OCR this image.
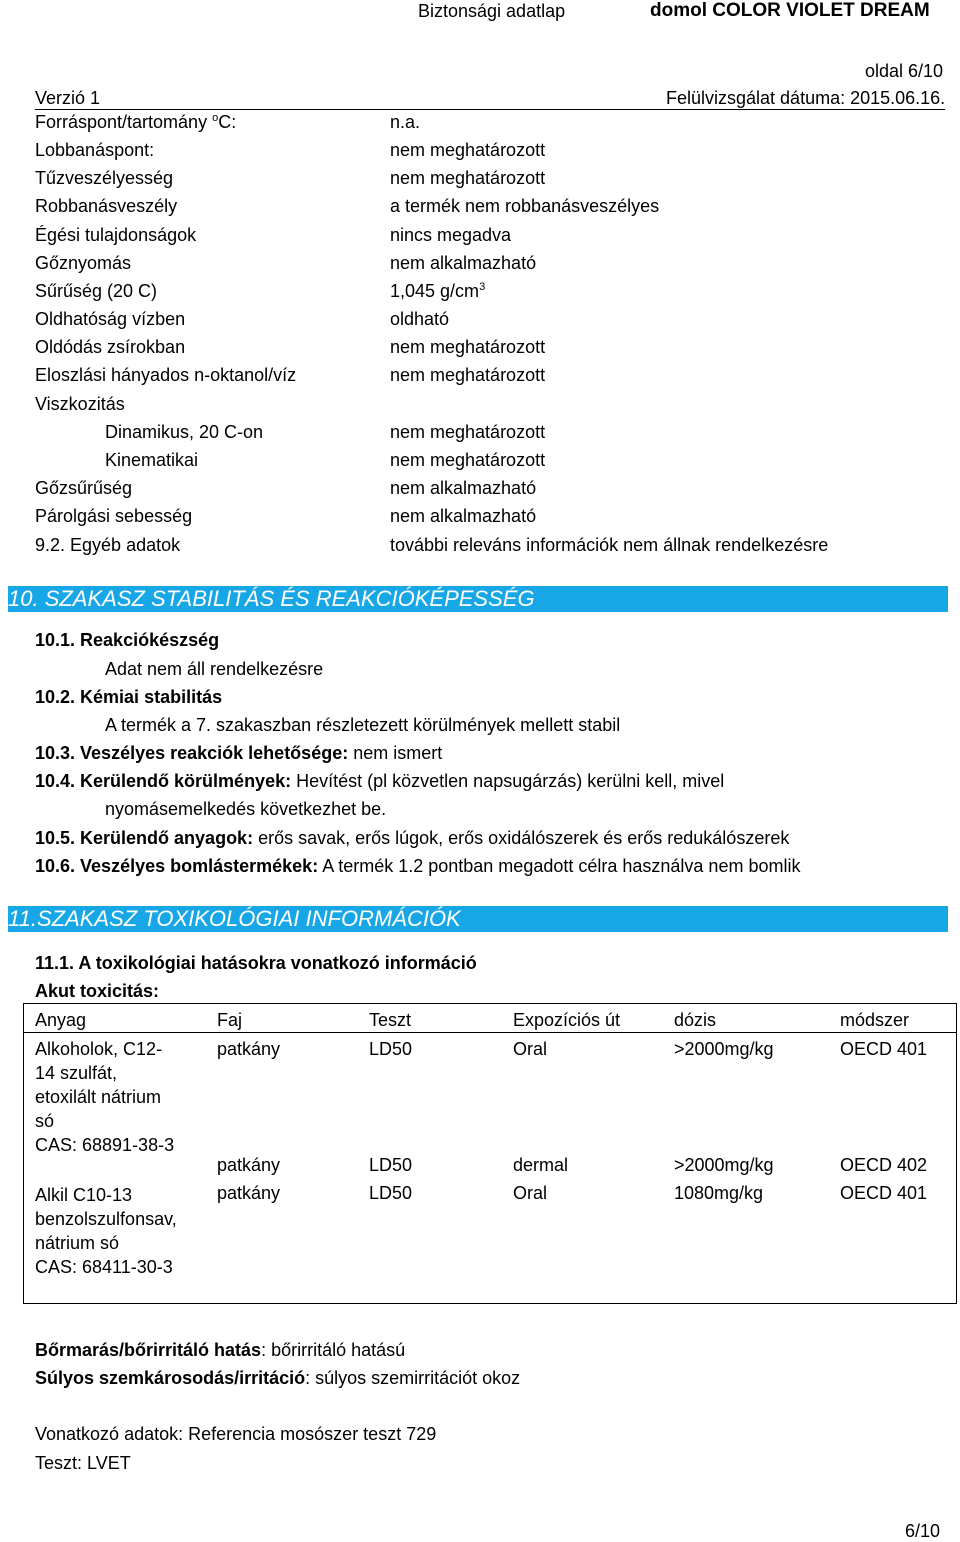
Biztonsági adatlap	domol COLOR VIOLET DREAM
oldal 6/10
Verzió 1	Felülvizsgálat dátuma: 2015.06.16.
Forráspont/tartomány $^o$C:	n.a.
Lobbanáspont:	nem meghatározott
Tűzveszélyesség	nem meghatározott
Robbanásveszély	a termék nem robbanásveszélyes
Égési tulajdonságok	nincs megadva
Gőznyomás	nem alkalmazható
Sűrűség (20 C)	1,045 $g/cm^3$
Oldhatóság vízben	oldható
Oldódás zsírokban	nem meghatározott
Eloszlási hányados n-oktanol/víz	nem meghatározott
Viszkozitás
Dinamikus, 20 C-on	nem meghatározott
Kinematikai	nem meghatározott
Gőzsűrűség	nem alkalmazható
Párolgási sebesség	nem alkalmazható
9.2. Egyéb adatok	további releváns információk nem állnak rendelkezésre
10. SZAKASZ STABILITÁS ÉS REAKCIÓKÉPESSÉG
10.1. Reakciókészség
Adat nem áll rendelkezésre
10.2. Kémiai stabilitás
A termék a 7. szakaszban részletezett körülmények mellett stabil
10.3. Veszélyes reakciók lehetősége: nem ismert
10.4. Kerülendő körülmények: Hevítést (pl közvetlen napsugárzás) kerülni kell, mivel
nyomásemelkedés következhet be.
10.5. Kerülendő anyagok: erős savak, erős lúgok, erős oxidálószerek és erős redukálószerek
10.6. Veszélyes bomlástermékek: A termék 1.2 pontban megadott célra használva nem bomlik
11.SZAKASZ TOXIKOLÓGIAI INFORMÁCIÓK
11.1. A toxikológiai hatásokra vonatkozó információ
Akut toxicitás:
Anyag	Faj	Teszt	Expozíciós út	dózis	módszer

Alkoholok, C12-
14 szulfát,
etoxilált nátrium
só
CAS: 68891-38-3	patkány	LD50	Oral	>2000mg/kg	OECD 401
	patkány	LD50	dermal	>2000mg/kg	OECD 402

Alkil C10-13
benzolszulfonsav,
nátrium só
CAS: 68411-30-3	patkány	LD50	Oral	1080mg/kg	OECD 401
Bőrmarás/bőrirritáló hatás: bőrirritáló hatású
Súlyos szemkárosodás/irritáció: súlyos szemirritációt okoz
Vonatkozó adatok: Referencia mosószer teszt 729
Teszt: LVET
6/10
